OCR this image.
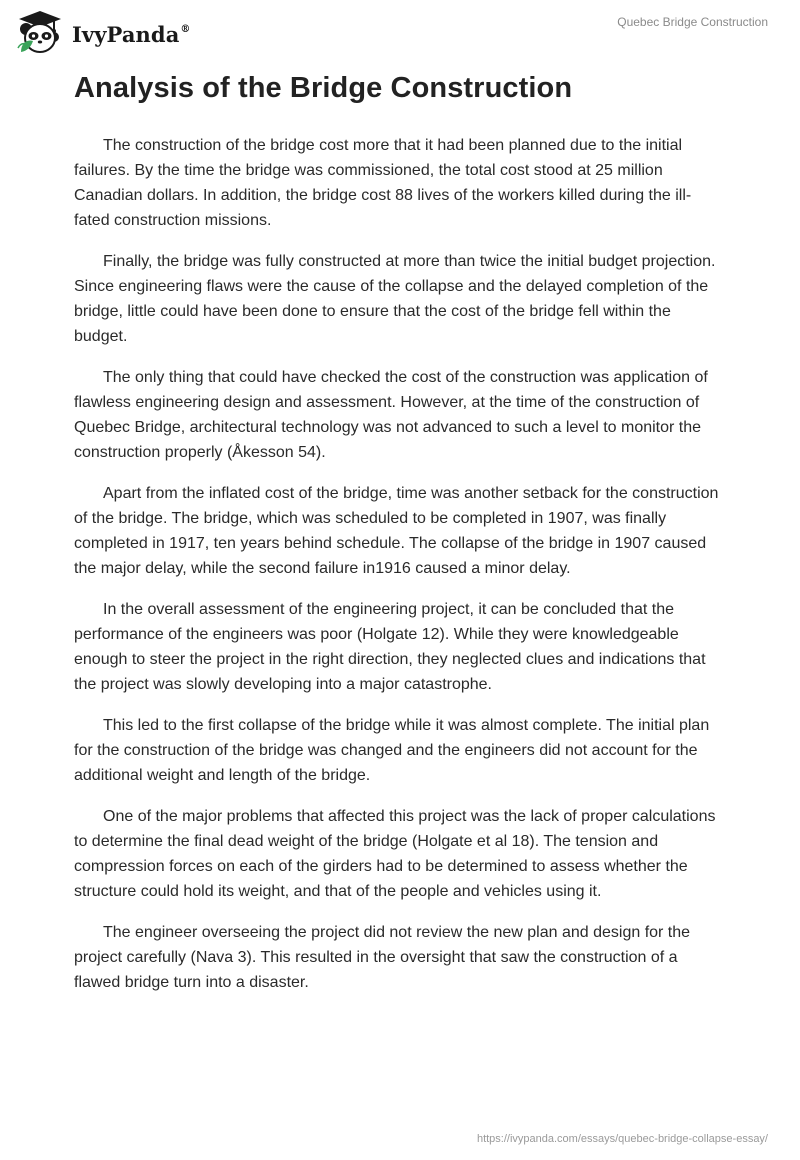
IvyPanda®	Quebec Bridge Construction
Analysis of the Bridge Construction

The construction of the bridge cost more that it had been planned due to the initial failures. By the time the bridge was commissioned, the total cost stood at 25 million Canadian dollars. In addition, the bridge cost 88 lives of the workers killed during the ill-fated construction missions.

Finally, the bridge was fully constructed at more than twice the initial budget projection. Since engineering flaws were the cause of the collapse and the delayed completion of the bridge, little could have been done to ensure that the cost of the bridge fell within the budget.

The only thing that could have checked the cost of the construction was application of flawless engineering design and assessment. However, at the time of the construction of Quebec Bridge, architectural technology was not advanced to such a level to monitor the construction properly (Åkesson 54).

Apart from the inflated cost of the bridge, time was another setback for the construction of the bridge. The bridge, which was scheduled to be completed in 1907, was finally completed in 1917, ten years behind schedule. The collapse of the bridge in 1907 caused the major delay, while the second failure in1916 caused a minor delay.

In the overall assessment of the engineering project, it can be concluded that the performance of the engineers was poor (Holgate 12). While they were knowledgeable enough to steer the project in the right direction, they neglected clues and indications that the project was slowly developing into a major catastrophe.

This led to the first collapse of the bridge while it was almost complete. The initial plan for the construction of the bridge was changed and the engineers did not account for the additional weight and length of the bridge.

One of the major problems that affected this project was the lack of proper calculations to determine the final dead weight of the bridge (Holgate et al 18). The tension and compression forces on each of the girders had to be determined to assess whether the structure could hold its weight, and that of the people and vehicles using it.

The engineer overseeing the project did not review the new plan and design for the project carefully (Nava 3). This resulted in the oversight that saw the construction of a flawed bridge turn into a disaster.

https://ivypanda.com/essays/quebec-bridge-collapse-essay/
